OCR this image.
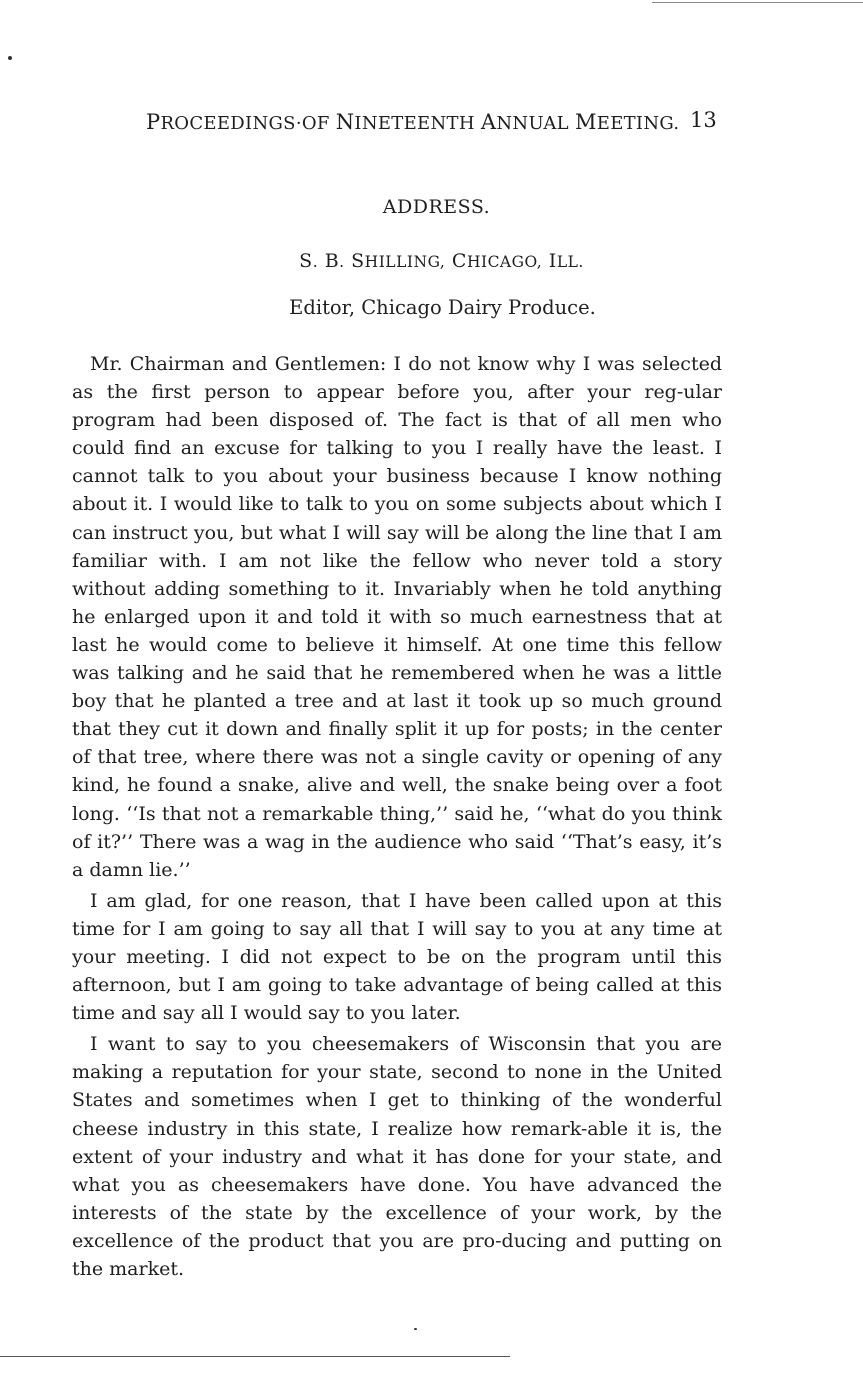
PROCEEDINGS·OF NINETEENTH ANNUAL MEETING. 13
ADDRESS.
S. B. SHILLING, CHICAGO, ILL.
Editor, Chicago Dairy Produce.

Mr. Chairman and Gentlemen: I do not know why I was selected as the first person to appear before you, after your reg-ular program had been disposed of. The fact is that of all men who could find an excuse for talking to you I really have the least. I cannot talk to you about your business because I know nothing about it. I would like to talk to you on some subjects about which I can instruct you, but what I will say will be along the line that I am familiar with. I am not like the fellow who never told a story without adding something to it. Invariably when he told anything he enlarged upon it and told it with so much earnestness that at last he would come to believe it himself. At one time this fellow was talking and he said that he remembered when he was a little boy that he planted a tree and at last it took up so much ground that they cut it down and finally split it up for posts; in the center of that tree, where there was not a single cavity or opening of any kind, he found a snake, alive and well, the snake being over a foot long. ‘‘Is that not a remarkable thing,’’ said he, ‘‘what do you think of it?’’ There was a wag in the audience who said ‘‘That’s easy, it’s a damn lie.’’

I am glad, for one reason, that I have been called upon at this time for I am going to say all that I will say to you at any time at your meeting. I did not expect to be on the program until this afternoon, but I am going to take advantage of being called at this time and say all I would say to you later.

I want to say to you cheesemakers of Wisconsin that you are making a reputation for your state, second to none in the United States and sometimes when I get to thinking of the wonderful cheese industry in this state, I realize how remark-able it is, the extent of your industry and what it has done for your state, and what you as cheesemakers have done. You have advanced the interests of the state by the excellence of your work, by the excellence of the product that you are pro-ducing and putting on the market.
